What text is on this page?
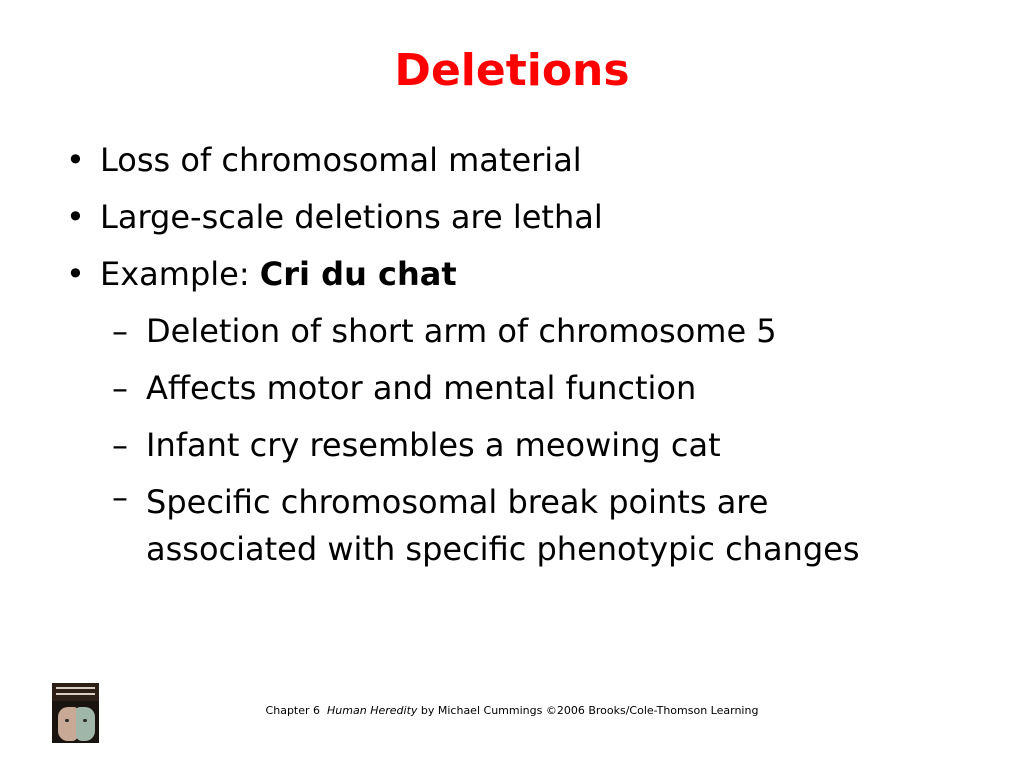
Deletions
• Loss of chromosomal material
• Large-scale deletions are lethal
• Example: Cri du chat
– Deletion of short arm of chromosome 5
– Affects motor and mental function
– Infant cry resembles a meowing cat
– Specific chromosomal break points are associated with specific phenotypic changes
Chapter 6 Human Heredity by Michael Cummings ©2006 Brooks/Cole-Thomson Learning
